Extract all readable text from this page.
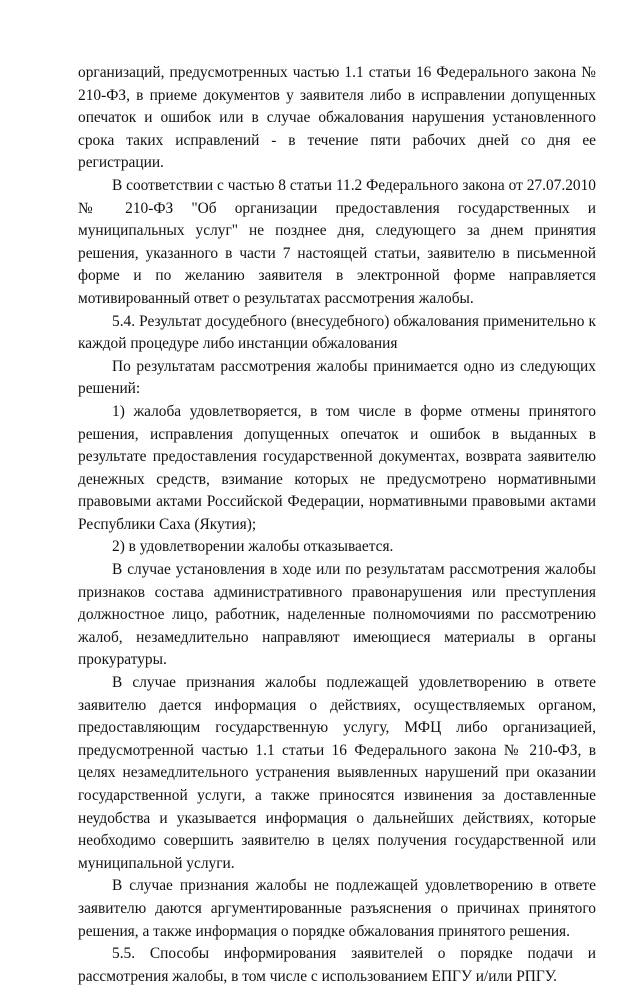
организаций, предусмотренных частью 1.1 статьи 16 Федерального закона № 210-ФЗ, в приеме документов у заявителя либо в исправлении допущенных опечаток и ошибок или в случае обжалования нарушения установленного срока таких исправлений - в течение пяти рабочих дней со дня ее регистрации.

В соответствии с частью 8 статьи 11.2 Федерального закона от 27.07.2010 № 210-ФЗ "Об организации предоставления государственных и муниципальных услуг" не позднее дня, следующего за днем принятия решения, указанного в части 7 настоящей статьи, заявителю в письменной форме и по желанию заявителя в электронной форме направляется мотивированный ответ о результатах рассмотрения жалобы.

5.4. Результат досудебного (внесудебного) обжалования применительно к каждой процедуре либо инстанции обжалования

По результатам рассмотрения жалобы принимается одно из следующих решений:

1) жалоба удовлетворяется, в том числе в форме отмены принятого решения, исправления допущенных опечаток и ошибок в выданных в результате предоставления государственной документах, возврата заявителю денежных средств, взимание которых не предусмотрено нормативными правовыми актами Российской Федерации, нормативными правовыми актами Республики Саха (Якутия);

2) в удовлетворении жалобы отказывается.

В случае установления в ходе или по результатам рассмотрения жалобы признаков состава административного правонарушения или преступления должностное лицо, работник, наделенные полномочиями по рассмотрению жалоб, незамедлительно направляют имеющиеся материалы в органы прокуратуры.

В случае признания жалобы подлежащей удовлетворению в ответе заявителю дается информация о действиях, осуществляемых органом, предоставляющим государственную услугу, МФЦ либо организацией, предусмотренной частью 1.1 статьи 16 Федерального закона № 210-ФЗ, в целях незамедлительного устранения выявленных нарушений при оказании государственной услуги, а также приносятся извинения за доставленные неудобства и указывается информация о дальнейших действиях, которые необходимо совершить заявителю в целях получения государственной или муниципальной услуги.

В случае признания жалобы не подлежащей удовлетворению в ответе заявителю даются аргументированные разъяснения о причинах принятого решения, а также информация о порядке обжалования принятого решения.

5.5. Способы информирования заявителей о порядке подачи и рассмотрения жалобы, в том числе с использованием ЕПГУ и/или РПГУ.
